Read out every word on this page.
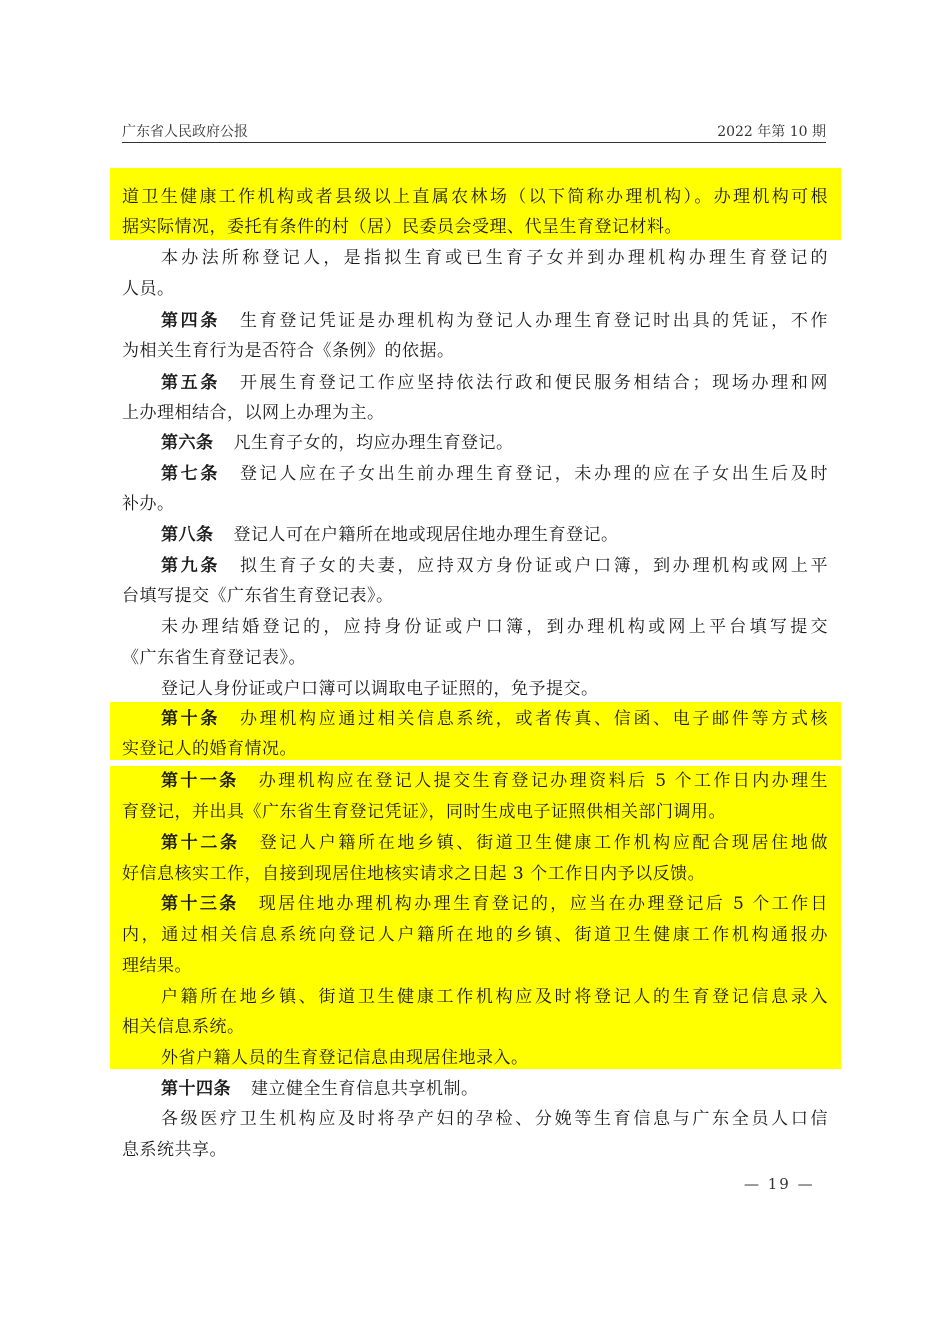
广东省人民政府公报	2022 年第 10 期
道卫生健康工作机构或者县级以上直属农林场（以下简称办理机构）。办理机构可根
据实际情况，委托有条件的村（居）民委员会受理、代呈生育登记材料。
本办法所称登记人，是指拟生育或已生育子女并到办理机构办理生育登记的
人员。
第四条 生育登记凭证是办理机构为登记人办理生育登记时出具的凭证，不作
为相关生育行为是否符合《条例》的依据。
第五条 开展生育登记工作应坚持依法行政和便民服务相结合；现场办理和网
上办理相结合，以网上办理为主。
第六条 凡生育子女的，均应办理生育登记。
第七条 登记人应在子女出生前办理生育登记，未办理的应在子女出生后及时
补办。
第八条 登记人可在户籍所在地或现居住地办理生育登记。
第九条 拟生育子女的夫妻，应持双方身份证或户口簿，到办理机构或网上平
台填写提交《广东省生育登记表》。
未办理结婚登记的，应持身份证或户口簿，到办理机构或网上平台填写提交
《广东省生育登记表》。
登记人身份证或户口簿可以调取电子证照的，免予提交。
第十条 办理机构应通过相关信息系统，或者传真、信函、电子邮件等方式核
实登记人的婚育情况。
第十一条 办理机构应在登记人提交生育登记办理资料后 5 个工作日内办理生
育登记，并出具《广东省生育登记凭证》，同时生成电子证照供相关部门调用。
第十二条 登记人户籍所在地乡镇、街道卫生健康工作机构应配合现居住地做
好信息核实工作，自接到现居住地核实请求之日起 3 个工作日内予以反馈。
第十三条 现居住地办理机构办理生育登记的，应当在办理登记后 5 个工作日
内，通过相关信息系统向登记人户籍所在地的乡镇、街道卫生健康工作机构通报办
理结果。
户籍所在地乡镇、街道卫生健康工作机构应及时将登记人的生育登记信息录入
相关信息系统。
外省户籍人员的生育登记信息由现居住地录入。
第十四条 建立健全生育信息共享机制。
各级医疗卫生机构应及时将孕产妇的孕检、分娩等生育信息与广东全员人口信
息系统共享。
— 19 —
